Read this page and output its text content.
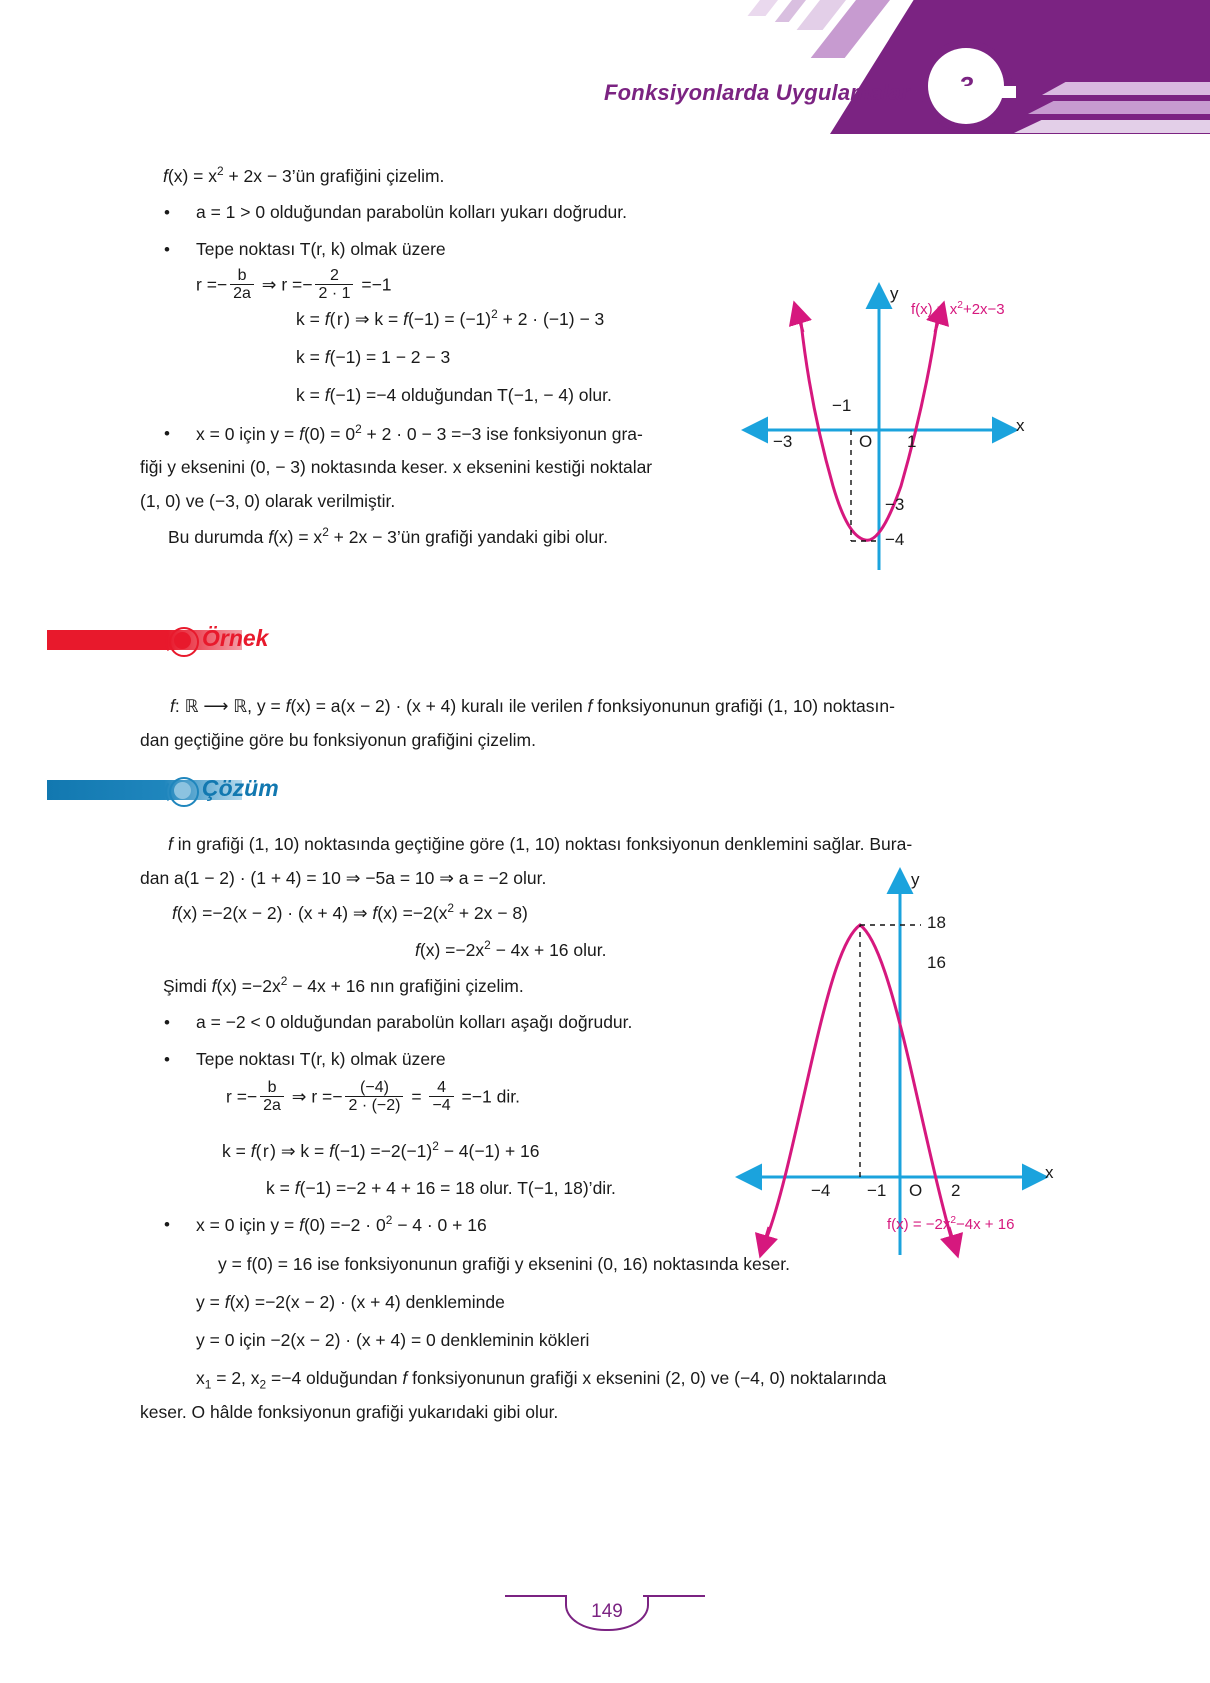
Fonksiyonlarda Uygulamalar
$f(x) = x^2 + 2x$ − 3’ün grafiğini çizelim.
• a = 1 > 0 olduğundan parabolün kolları yukarı doğrudur.
• Tepe noktası T(r, k) olmak üzere
$r =- \frac{b}{2a}$ ⇒ $r =- \frac{2}{2 \cdot 1} =-1$
k = f( r ) ⇒ $k = f(-1) = (-1)^2 + 2 \cdot (-1) - 3$
k = f(−1) = 1 − 2 − 3
k = f(−1) =−4 olduğundan T(−1, − 4) olur.
• x = 0 için $y = f(0) = 0^2 + 2 \cdot 0 - 3 =-3$ ise fonksiyonun gra-
fiği y eksenini (0, − 3) noktasında keser. x eksenini kestiği noktalar
(1, 0) ve (−3, 0) olarak verilmiştir.
Bu durumda $f(x) = x^2 + 2x$ − 3’ün grafiği yandaki gibi olur.
y
x
O
−3	1
−1
−3
−4
$f(x) = x^2+2x-3$
Örnek
f: ℝ ⟶ ℝ, y = f(x) = a(x − 2) · (x + 4) kuralı ile verilen f fonksiyonunun grafiği (1, 10) noktasın-
dan geçtiğine göre bu fonksiyonun grafiğini çizelim.
Çözüm
f in grafiği (1, 10) noktasında geçtiğine göre (1, 10) noktası fonksiyonun denklemini sağlar. Bura-
dan a(1 − 2) · (1 + 4) = 10 ⇒ −5a = 10 ⇒ a = −2 olur.
f(x) =−2(x − 2) · (x + 4) ⇒ $f(x) =-2(x^2 + 2x - 8)$
$f(x) =-2x^2 - 4x + 16$ olur.
Şimdi $f(x) =-2x^2 - 4x + 16$ nın grafiğini çizelim.
• a = −2 < 0 olduğundan parabolün kolları aşağı doğrudur.
• Tepe noktası T(r, k) olmak üzere
$r =- \frac{b}{2a}$ ⇒ $r =- \frac{(-4)}{2 \cdot (-2)} = \frac{4}{-4} =-1$ dir.
k = f( r ) ⇒ $k = f(-1) =-2(-1)^2 - 4(-1) + 16$
k = f(−1) =−2 + 4 + 16 = 18 olur. T(−1, 18)’dir.
• x = 0 için $y = f(0) =-2 \cdot 0^2 - 4 \cdot 0 + 16$
y = f(0) = 16 ise fonksiyonunun grafiği y eksenini (0, 16) noktasında keser.
y = f(x) =−2(x − 2) · (x + 4) denkleminde
y = 0 için −2(x − 2) · (x + 4) = 0 denkleminin kökleri
$x_1 = 2$, $x_2 =-4$ olduğundan f fonksiyonunun grafiği x eksenini (2, 0) ve (−4, 0) noktalarında
keser. O hâlde fonksiyonun grafiği yukarıdaki gibi olur.
y
x
O
−4 −1	2
18
16
$f(x) = -2x^2-4x + 16$
149
